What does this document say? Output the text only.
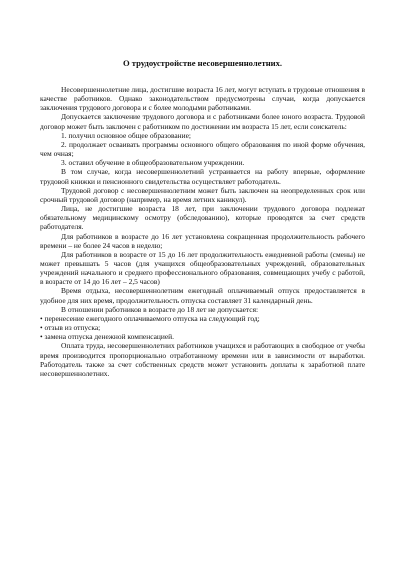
О трудоустройстве несовершеннолетних.

Несовершеннолетние лица, достигшие возраста 16 лет, могут вступать в трудовые отношения в качестве работников. Однако законодательством предусмотрены случаи, когда допускается заключения трудового договора и с более молодыми работниками.

Допускается заключение трудового договора и с работниками более юного возраста. Трудовой договор может быть заключен с работником по достижении им возраста 15 лет, если соискатель:

1. получил основное общее образование;

2. продолжает осваивать программы основного общего образования по иной форме обучения, чем очная;

3. оставил обучение в общеобразовательном учреждении.

В том случае, когда несовершеннолетний устраивается на работу впервые, оформление трудовой книжки и пенсионного свидетельства осуществляет работодатель.

Трудовой договор с несовершеннолетним может быть заключен на неопределенных срок или срочный трудовой договор (например, на время летних каникул).

Лица, не достигшие возраста 18 лет, при заключении трудового договора подлежат обязательному медицинскому осмотру (обследованию), которые проводятся за счет средств работодателя.

Для работников в возрасте до 16 лет установлена сокращенная продолжительность рабочего времени – не более 24 часов в неделю;

Для работников в возрасте от 15 до 16 лет продолжительность ежедневной работы (смены) не может превышать 5 часов (для учащихся общеобразовательных учреждений, образовательных учреждений начального и среднего профессионального образования, совмещающих учебу с работой, в возрасте от 14 до 16 лет – 2,5 часов)

Время отдыха, несовершеннолетним ежегодный оплачиваемый отпуск предоставляется в удобное для них время, продолжительность отпуска составляет 31 календарный день.

В отношении работников в возрасте до 18 лет не допускается:

• перенесение ежегодного оплачиваемого отпуска на следующий год;

• отзыв из отпуска;

• замена отпуска денежной компенсацией.

Оплата труда, несовершеннолетних работников учащихся и работающих в свободное от учебы время производится пропорционально отработанному времени или в зависимости от выработки. Работодатель также за счет собственных средств может установить доплаты к заработной плате несовершеннолетних.
